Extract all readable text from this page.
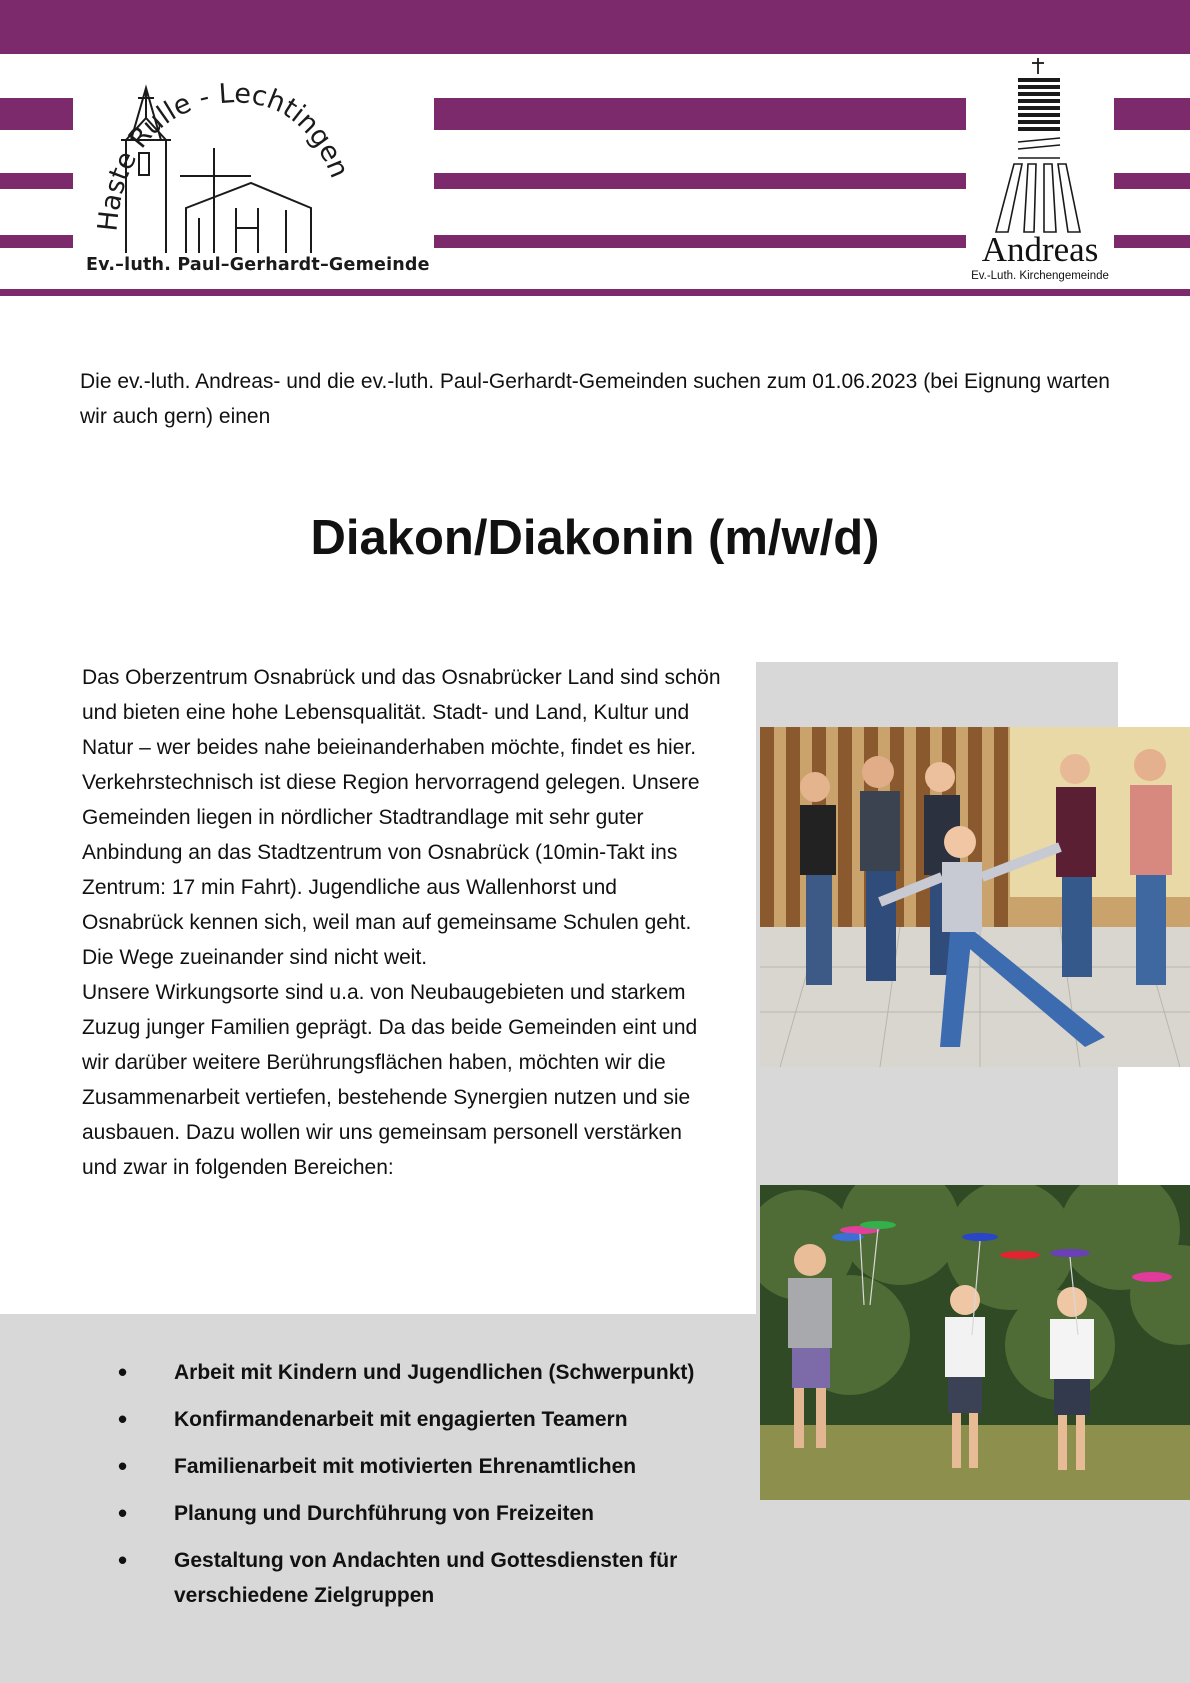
Haste Rulle - Lechtingen
Ev.–luth. Paul–Gerhardt–Gemeinde	Andreas
Ev.-Luth. Kirchengemeinde
Die ev.-luth. Andreas- und die ev.-luth. Paul-Gerhardt-Gemeinden suchen zum 01.06.2023 (bei Eignung warten wir auch gern) einen
Diakon/Diakonin (m/w/d)

Das Oberzentrum Osnabrück und das Osnabrücker Land sind schön und bieten eine hohe Lebensqualität. Stadt- und Land, Kultur und Natur – wer beides nahe beieinanderhaben möchte, findet es hier.

Verkehrstechnisch ist diese Region hervorragend gelegen. Unsere Gemeinden liegen in nördlicher Stadtrandlage mit sehr guter Anbindung an das Stadtzentrum von Osnabrück (10min-Takt ins Zentrum: 17 min Fahrt). Jugendliche aus Wallenhorst und Osnabrück kennen sich, weil man auf gemeinsame Schulen geht. Die Wege zueinander sind nicht weit.

Unsere Wirkungsorte sind u.a. von Neubaugebieten und starkem Zuzug junger Familien geprägt. Da das beide Gemeinden eint und wir darüber weitere Berührungsflächen haben, möchten wir die Zusammenarbeit vertiefen, bestehende Synergien nutzen und sie ausbauen. Dazu wollen wir uns gemeinsam personell verstärken und zwar in folgenden Bereichen:

• Arbeit mit Kindern und Jugendlichen (Schwerpunkt)
• Konfirmandenarbeit mit engagierten Teamern
• Familienarbeit mit motivierten Ehrenamtlichen
• Planung und Durchführung von Freizeiten
• Gestaltung von Andachten und Gottesdiensten für verschiedene Zielgruppen
